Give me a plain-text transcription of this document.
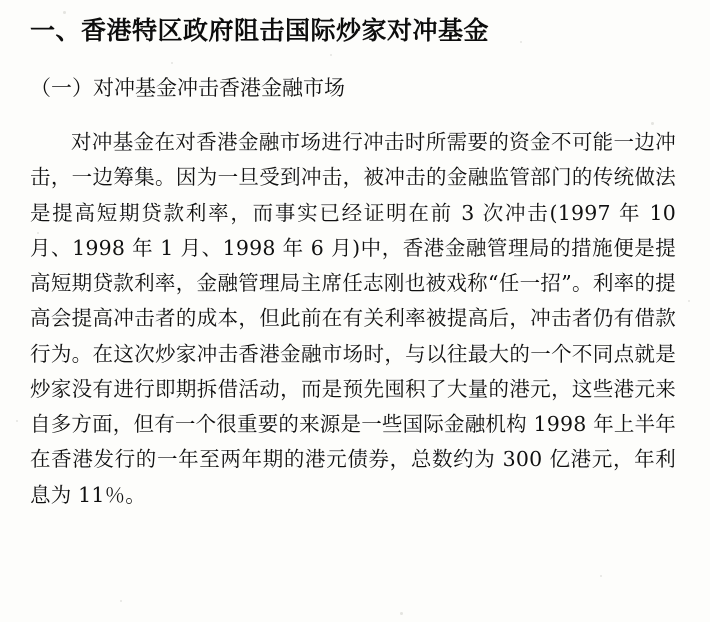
一、香港特区政府阻击国际炒家对冲基金
（一）对冲基金冲击香港金融市场

对冲基金在对香港金融市场进行冲击时所需要的资金不可能一边冲击，一边筹集。因为一旦受到冲击，被冲击的金融监管部门的传统做法是提高短期贷款利率，而事实已经证明在前 3 次冲击(1997 年 10 月、1998 年 1 月、1998 年 6 月)中，香港金融管理局的措施便是提高短期贷款利率，金融管理局主席任志刚也被戏称“任一招”。利率的提高会提高冲击者的成本，但此前在有关利率被提高后，冲击者仍有借款行为。在这次炒家冲击香港金融市场时，与以往最大的一个不同点就是炒家没有进行即期拆借活动，而是预先囤积了大量的港元，这些港元来自多方面，但有一个很重要的来源是一些国际金融机构 1998 年上半年在香港发行的一年至两年期的港元债券，总数约为 300 亿港元，年利息为 11％。
